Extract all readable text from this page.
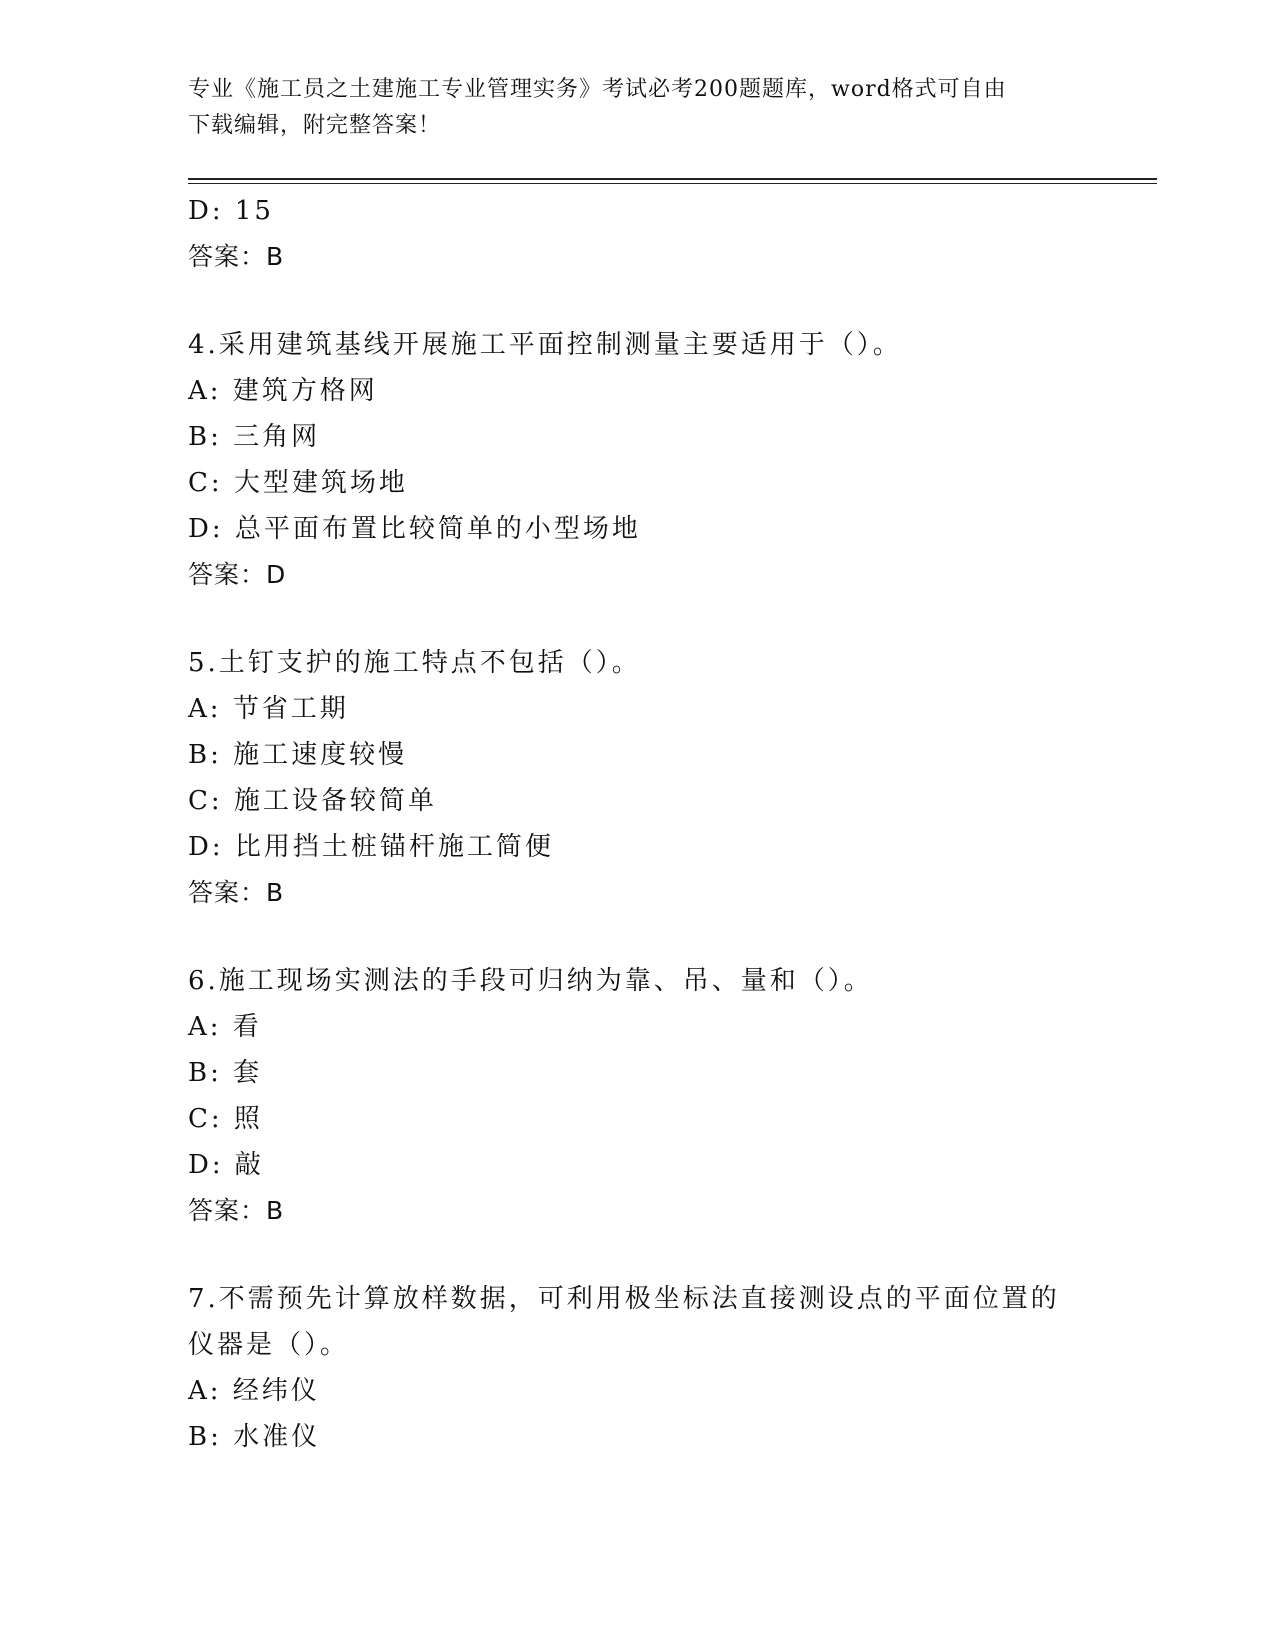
专业《施工员之土建施工专业管理实务》考试必考200题题库，word格式可自由
下载编辑，附完整答案！
D: 15
答案：B
4.采用建筑基线开展施工平面控制测量主要适用于（）。
A: 建筑方格网
B: 三角网
C: 大型建筑场地
D: 总平面布置比较简单的小型场地
答案：D
5.土钉支护的施工特点不包括（）。
A: 节省工期
B: 施工速度较慢
C: 施工设备较简单
D: 比用挡土桩锚杆施工简便
答案：B
6.施工现场实测法的手段可归纳为靠、吊、量和（）。
A: 看
B: 套
C: 照
D: 敲
答案：B
7.不需预先计算放样数据，可利用极坐标法直接测设点的平面位置的
仪器是（）。
A: 经纬仪
B: 水准仪
